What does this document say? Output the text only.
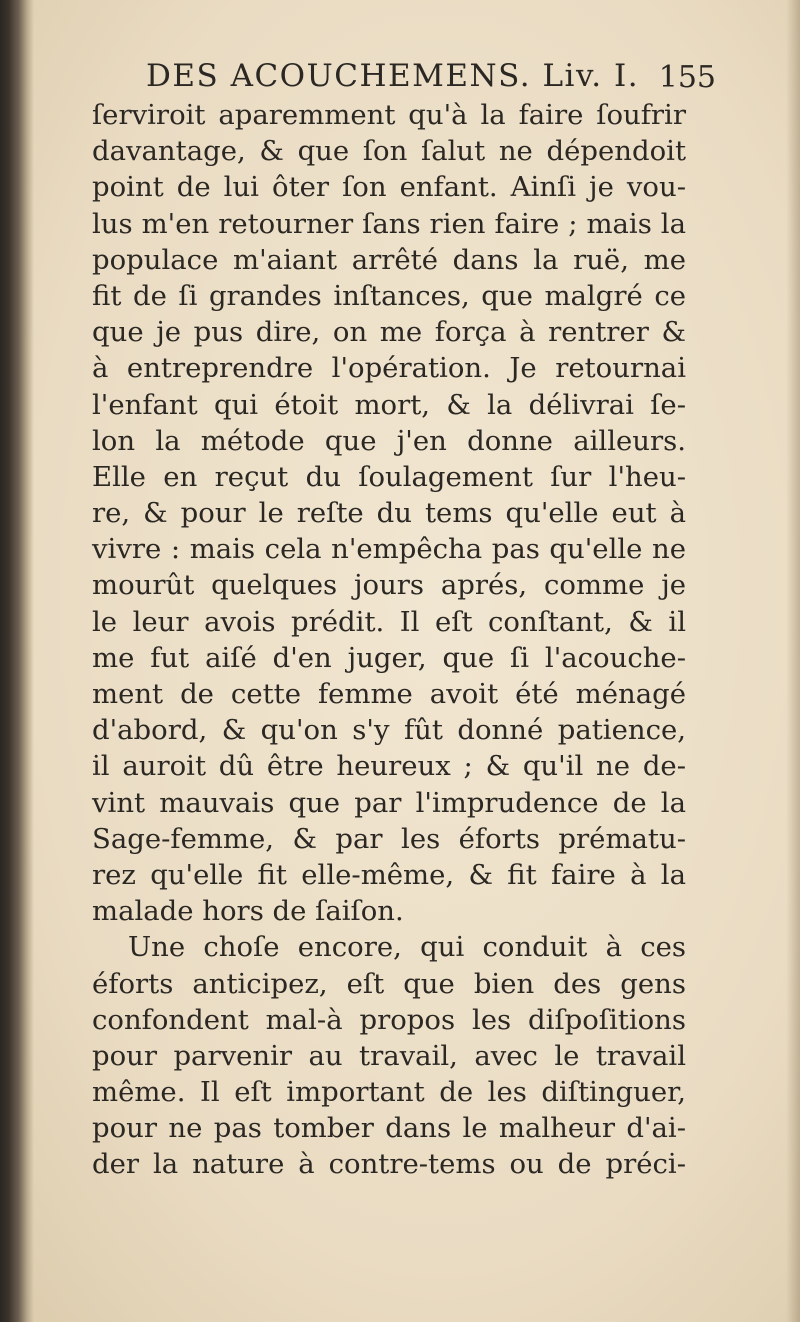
DES ACOUCHEMENS. Liv. I. 155
ſerviroit aparemment qu'à la faire ſoufrir
davantage, & que ſon ſalut ne dépendoit
point de lui ôter ſon enfant. Ainſi je vou-
lus m'en retourner ſans rien faire ; mais la
populace m'aiant arrêté dans la ruë, me
fit de ſi grandes inſtances, que malgré ce
que je pus dire, on me força à rentrer &
à entreprendre l'opération. Je retournai
l'enfant qui étoit mort, & la délivrai ſe-
lon la métode que j'en donne ailleurs.
Elle en reçut du ſoulagement ſur l'heu-
re, & pour le reſte du tems qu'elle eut à
vivre : mais cela n'empêcha pas qu'elle ne
mourût quelques jours aprés, comme je
le leur avois prédit. Il eſt conſtant, & il
me fut aiſé d'en juger, que ſi l'acouche-
ment de cette femme avoit été ménagé
d'abord, & qu'on s'y fût donné patience,
il auroit dû être heureux ; & qu'il ne de-
vint mauvais que par l'imprudence de la
Sage-femme, & par les éforts prématu-
rez qu'elle fit elle-même, & fit faire à la
malade hors de ſaiſon.
Une choſe encore, qui conduit à ces
éforts anticipez, eſt que bien des gens
confondent mal-à propos les diſpoſitions
pour parvenir au travail, avec le travail
même. Il eſt important de les diſtinguer,
pour ne pas tomber dans le malheur d'ai-
der la nature à contre-tems ou de préci-
